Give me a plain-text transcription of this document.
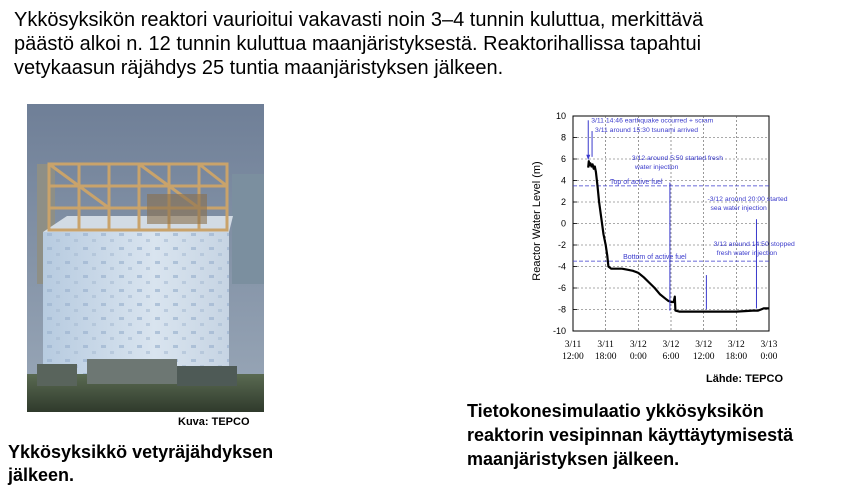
Ykkösyksikön reaktori vaurioitui vakavasti noin 3–4 tunnin kuluttua, merkittävä
päästö alkoi n. 12 tunnin kuluttua maanjäristyksestä. Reaktorihallissa tapahtui
vetykaasun räjähdys 25 tuntia maanjäristyksen jälkeen.
Kuva: TEPCO
Ykkösyksikkö vetyräjähdyksen
jälkeen.
Reactor Water Level (m)	Top of active fuel
Bottom of active fuel
3/11 14:46 earthquake occurred + scram
3/11 around 15:30 tsunami arrived
3/12 around 5:50 started fresh water injection
-3/12 around 20:00 started sea water injection
3/12 around 14:50 stopped fresh water injection
10
8
6
4
2
0
-2
-4
-6
-8
-10
3/11
12:00
3/11
18:00
3/12
0:00
3/12
6:00
3/12
12:00
3/12
18:00
3/13
0:00
Lähde: TEPCO
Tietokonesimulaatio ykkösyksikön
reaktorin vesipinnan käyttäytymisestä
maanjäristyksen jälkeen.
